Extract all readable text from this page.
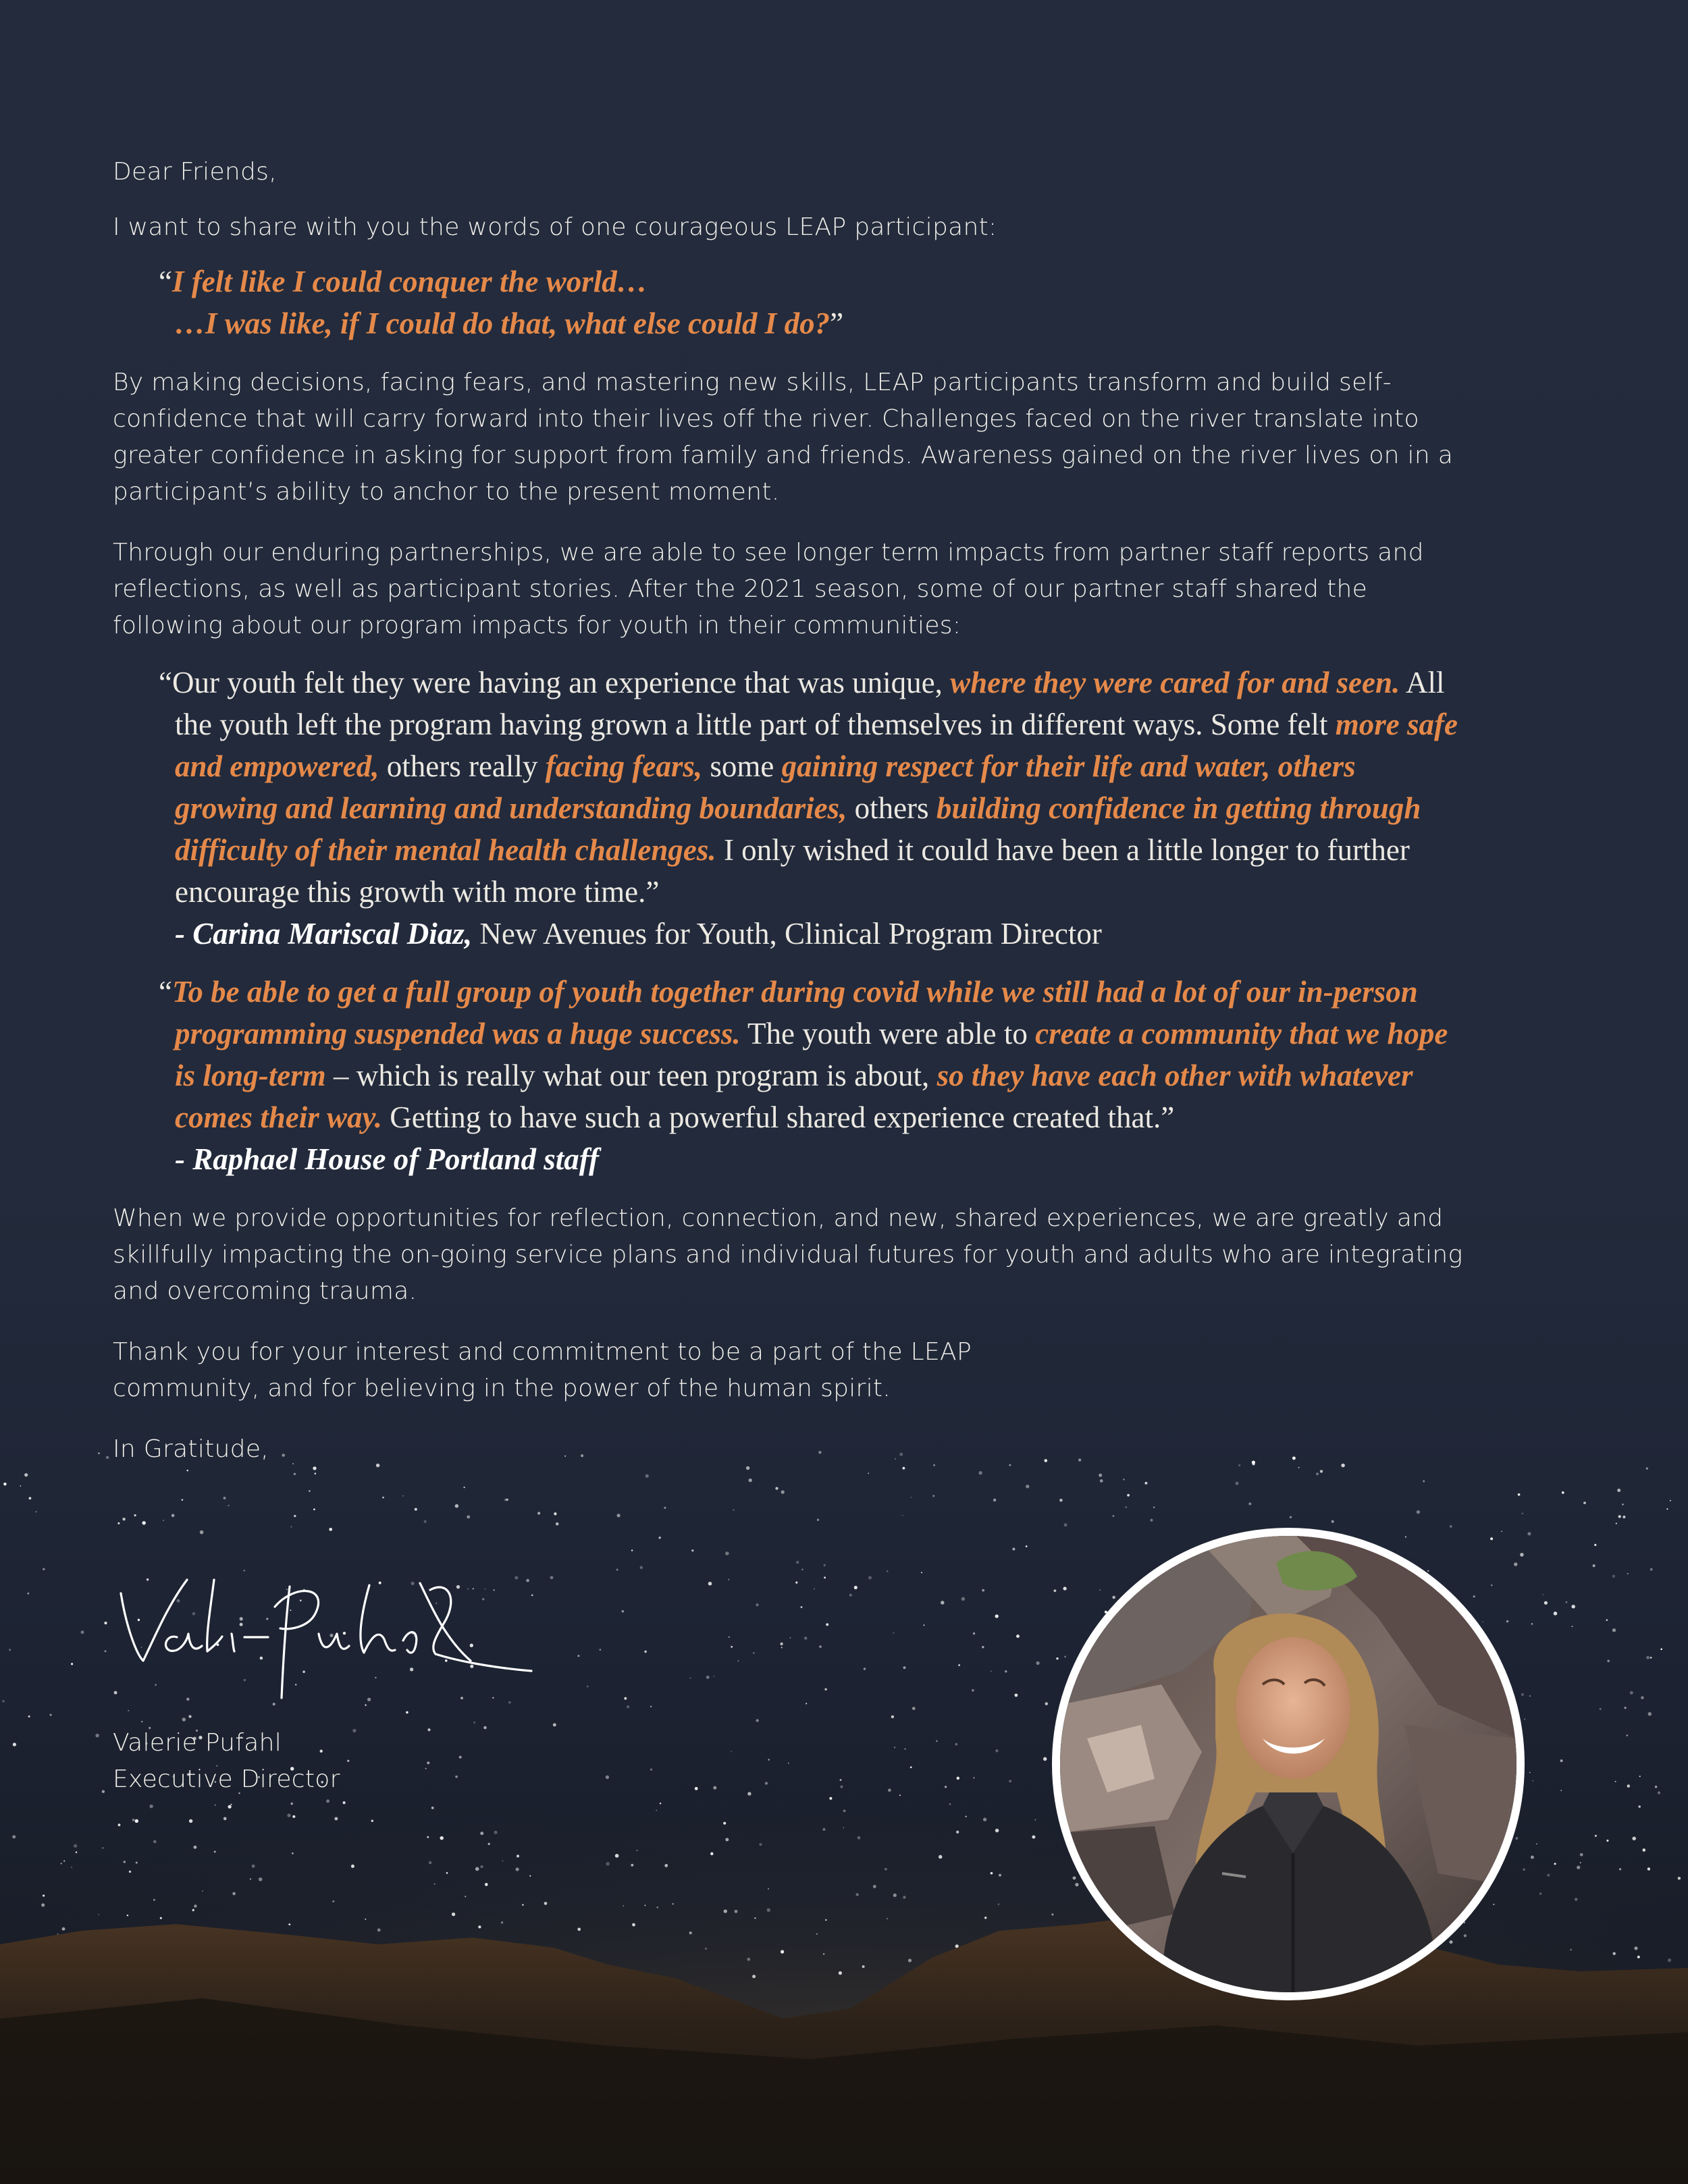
Dear Friends,

I want to share with you the words of one courageous LEAP participant:

“I felt like I could conquer the world…
…I was like, if I could do that, what else could I do?”

By making decisions, facing fears, and mastering new skills, LEAP participants transform and build self-confidence that will carry forward into their lives off the river. Challenges faced on the river translate into greater confidence in asking for support from family and friends. Awareness gained on the river lives on in a participant’s ability to anchor to the present moment.

Through our enduring partnerships, we are able to see longer term impacts from partner staff reports and reflections, as well as participant stories. After the 2021 season, some of our partner staff shared the following about our program impacts for youth in their communities:

“Our youth felt they were having an experience that was unique, where they were cared for and seen. All the youth left the program having grown a little part of themselves in different ways. Some felt more safe and empowered, others really facing fears, some gaining respect for their life and water, others growing and learning and understanding boundaries, others building confidence in getting through difficulty of their mental health challenges. I only wished it could have been a little longer to further encourage this growth with more time.”
- Carina Mariscal Diaz, New Avenues for Youth, Clinical Program Director
“To be able to get a full group of youth together during covid while we still had a lot of our in-person programming suspended was a huge success. The youth were able to create a community that we hope is long-term – which is really what our teen program is about, so they have each other with whatever comes their way. Getting to have such a powerful shared experience created that.”
- Raphael House of Portland staff

When we provide opportunities for reflection, connection, and new, shared experiences, we are greatly and skillfully impacting the on-going service plans and individual futures for youth and adults who are integrating and overcoming trauma.

Thank you for your interest and commitment to be a part of the LEAP community, and for believing in the power of the human spirit.

In Gratitude,

Valerie Pufahl
Executive Director
